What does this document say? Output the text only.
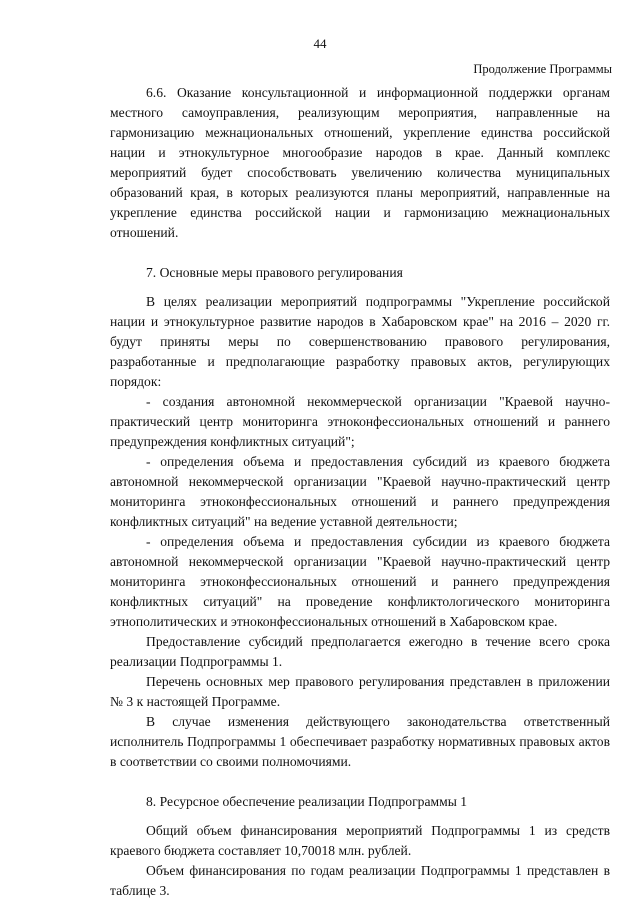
44
Продолжение Программы

6.6. Оказание консультационной и информационной поддержки органам местного самоуправления, реализующим мероприятия, направленные на гармонизацию межнациональных отношений, укрепление единства российской нации и этнокультурное многообразие народов в крае. Данный комплекс мероприятий будет способствовать увеличению количества муниципальных образований края, в которых реализуются планы мероприятий, направленные на укрепление единства российской нации и гармонизацию межнациональных отношений.

7. Основные меры правового регулирования

В целях реализации мероприятий подпрограммы "Укрепление российской нации и этнокультурное развитие народов в Хабаровском крае" на 2016 – 2020 гг. будут приняты меры по совершенствованию правового регулирования, разработанные и предполагающие разработку правовых актов, регулирующих порядок:

- создания автономной некоммерческой организации "Краевой научно-практический центр мониторинга этноконфессиональных отношений и раннего предупреждения конфликтных ситуаций";

- определения объема и предоставления субсидий из краевого бюджета автономной некоммерческой организации "Краевой научно-практический центр мониторинга этноконфессиональных отношений и раннего предупреждения конфликтных ситуаций" на ведение уставной деятельности;

- определения объема и предоставления субсидии из краевого бюджета автономной некоммерческой организации "Краевой научно-практический центр мониторинга этноконфессиональных отношений и раннего предупреждения конфликтных ситуаций" на проведение конфликтологического мониторинга этнополитических и этноконфессиональных отношений в Хабаровском крае.

Предоставление субсидий предполагается ежегодно в течение всего срока реализации Подпрограммы 1.

Перечень основных мер правового регулирования представлен в приложении № 3 к настоящей Программе.

В случае изменения действующего законодательства ответственный исполнитель Подпрограммы 1 обеспечивает разработку нормативных правовых актов в соответствии со своими полномочиями.

8. Ресурсное обеспечение реализации Подпрограммы 1

Общий объем финансирования мероприятий Подпрограммы 1 из средств краевого бюджета составляет 10,70018 млн. рублей.

Объем финансирования по годам реализации Подпрограммы 1 представлен в таблице 3.
